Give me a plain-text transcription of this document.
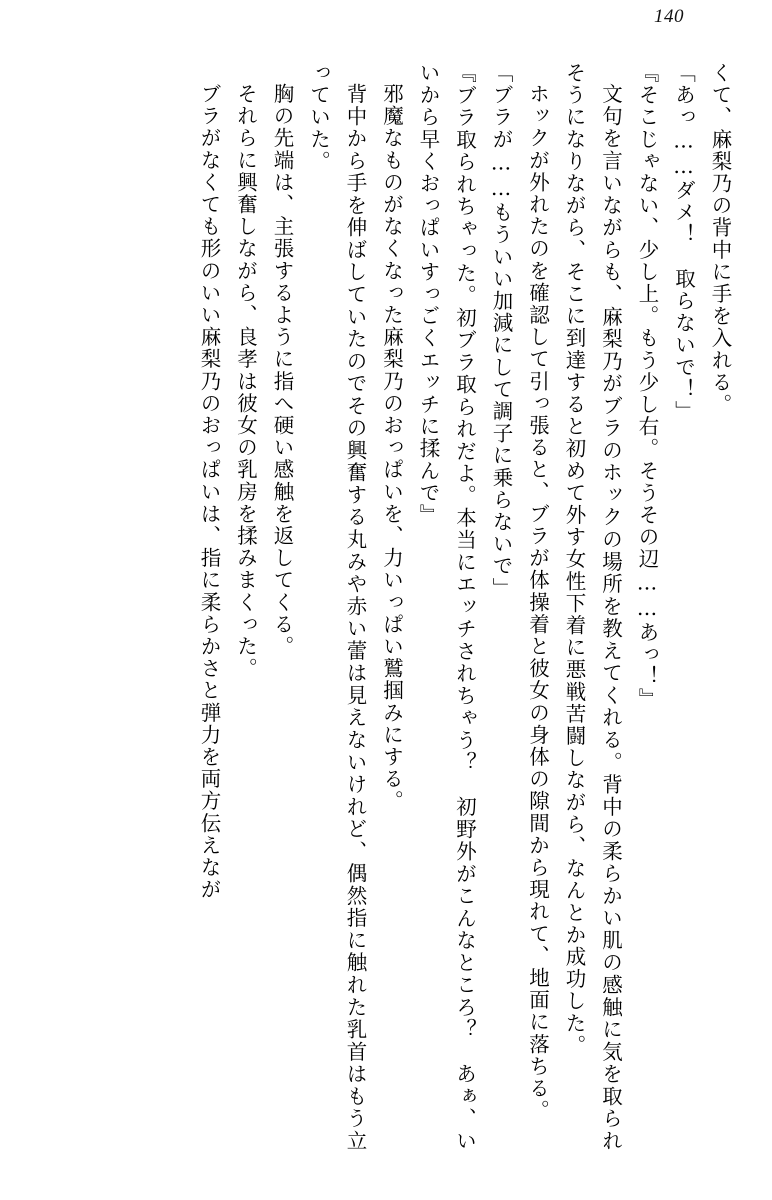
140

くて、麻梨乃の背中に手を入れる。

「あっ……ダメ！　取らないで！」

『そこじゃない、少し上。もう少し右。そうその辺……あっ！』

文句を言いながらも、麻梨乃がブラのホックの場所を教えてくれる。背中の柔らかい肌の感触に気を取られそうになりながら、そこに到達すると初めて外す女性下着に悪戦苦闘しながら、なんとか成功した。

ホックが外れたのを確認して引っ張ると、ブラが体操着と彼女の身体の隙間から現れて、地面に落ちる。

「ブラが……もういい加減にして調子に乗らないで」

『ブラ取られちゃった。初ブラ取られだよ。本当にエッチされちゃう？　初野外がこんなところ？　あぁ、いいから早くおっぱいすっごくエッチに揉んで』

邪魔なものがなくなった麻梨乃のおっぱいを、力いっぱい鷲掴みにする。

背中から手を伸ばしていたのでその興奮する丸みや赤い蕾は見えないけれど、偶然指に触れた乳首はもう立っていた。

胸の先端は、主張するように指へ硬い感触を返してくる。

それらに興奮しながら、良孝は彼女の乳房を揉みまくった。

ブラがなくても形のいい麻梨乃のおっぱいは、指に柔らかさと弾力を両方伝えなが
